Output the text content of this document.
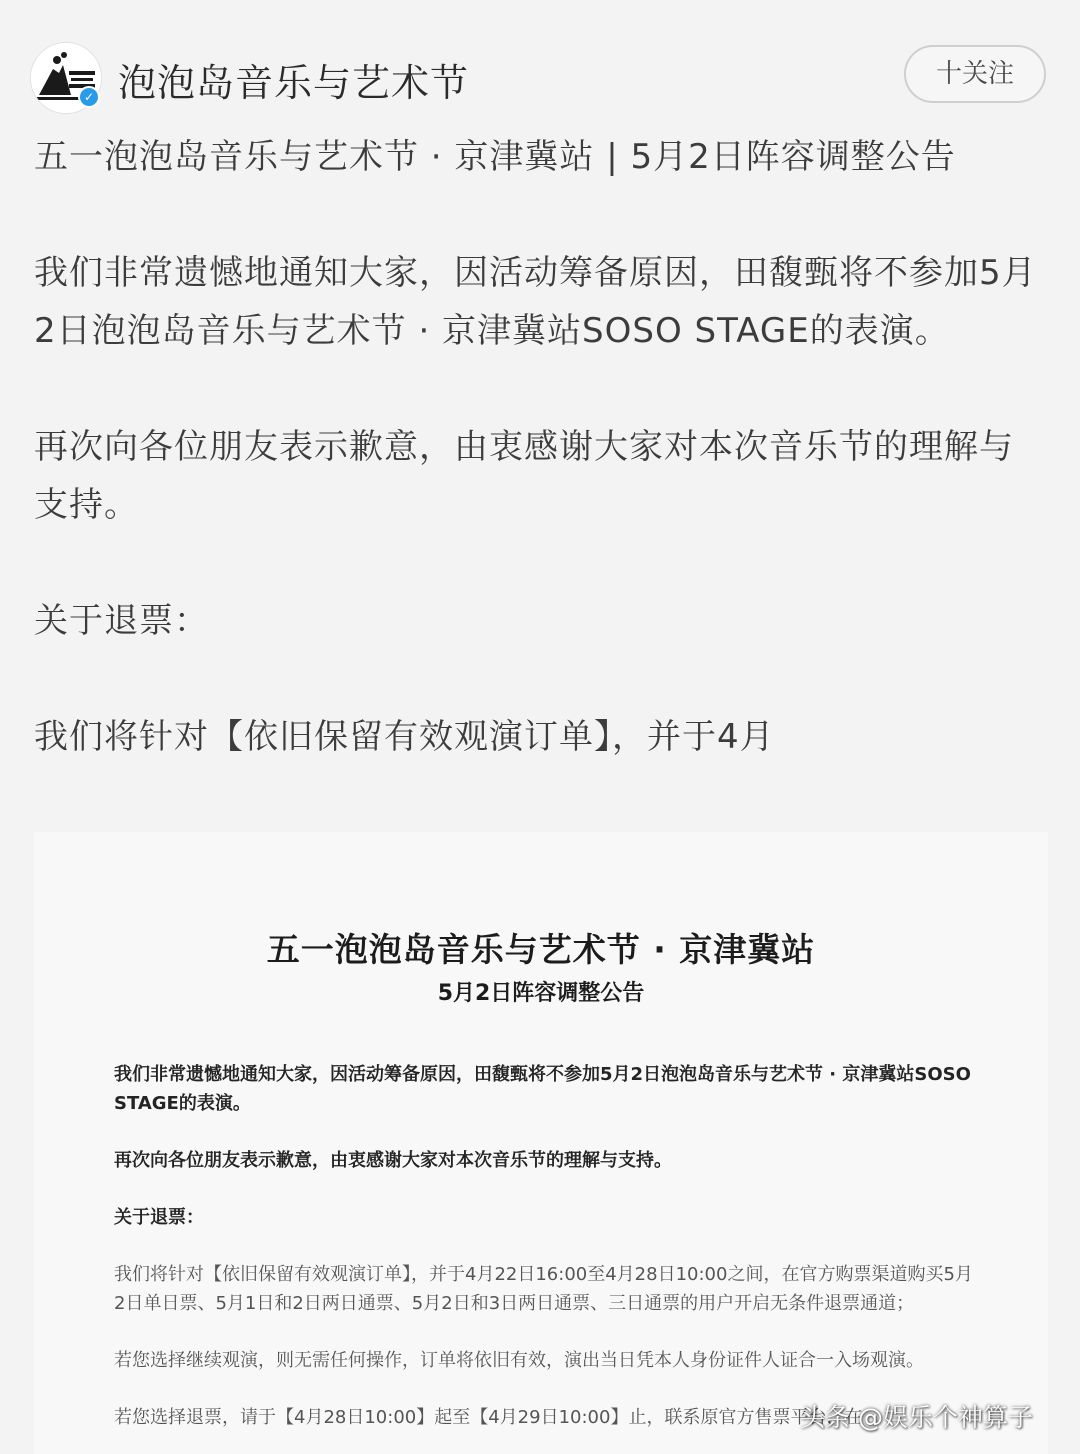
✓ 泡泡岛音乐与艺术节	十关注

五一泡泡岛音乐与艺术节 · 京津冀站 | 5月2日阵容调整公告

我们非常遗憾地通知大家，因活动筹备原因，田馥甄将不参加5月2日泡泡岛音乐与艺术节 · 京津冀站SOSO STAGE的表演。

再次向各位朋友表示歉意，由衷感谢大家对本次音乐节的理解与支持。

关于退票：

我们将针对【依旧保留有效观演订单】，并于4月

五一泡泡岛音乐与艺术节 · 京津冀站
5月2日阵容调整公告

我们非常遗憾地通知大家，因活动筹备原因，田馥甄将不参加5月2日泡泡岛音乐与艺术节 · 京津冀站SOSO STAGE的表演。

再次向各位朋友表示歉意，由衷感谢大家对本次音乐节的理解与支持。

关于退票：

我们将针对【依旧保留有效观演订单】，并于4月22日16:00至4月28日10:00之间，在官方购票渠道购买5月2日单日票、5月1日和2日两日通票、5月2日和3日两日通票、三日通票的用户开启无条件退票通道；

若您选择继续观演，则无需任何操作，订单将依旧有效，演出当日凭本人身份证件人证合一入场观演。

若您选择退票，请于【4月28日10:00】起至【4月29日10:00】止，联系原官方售票平台，在

头条 @娱乐个神算子
